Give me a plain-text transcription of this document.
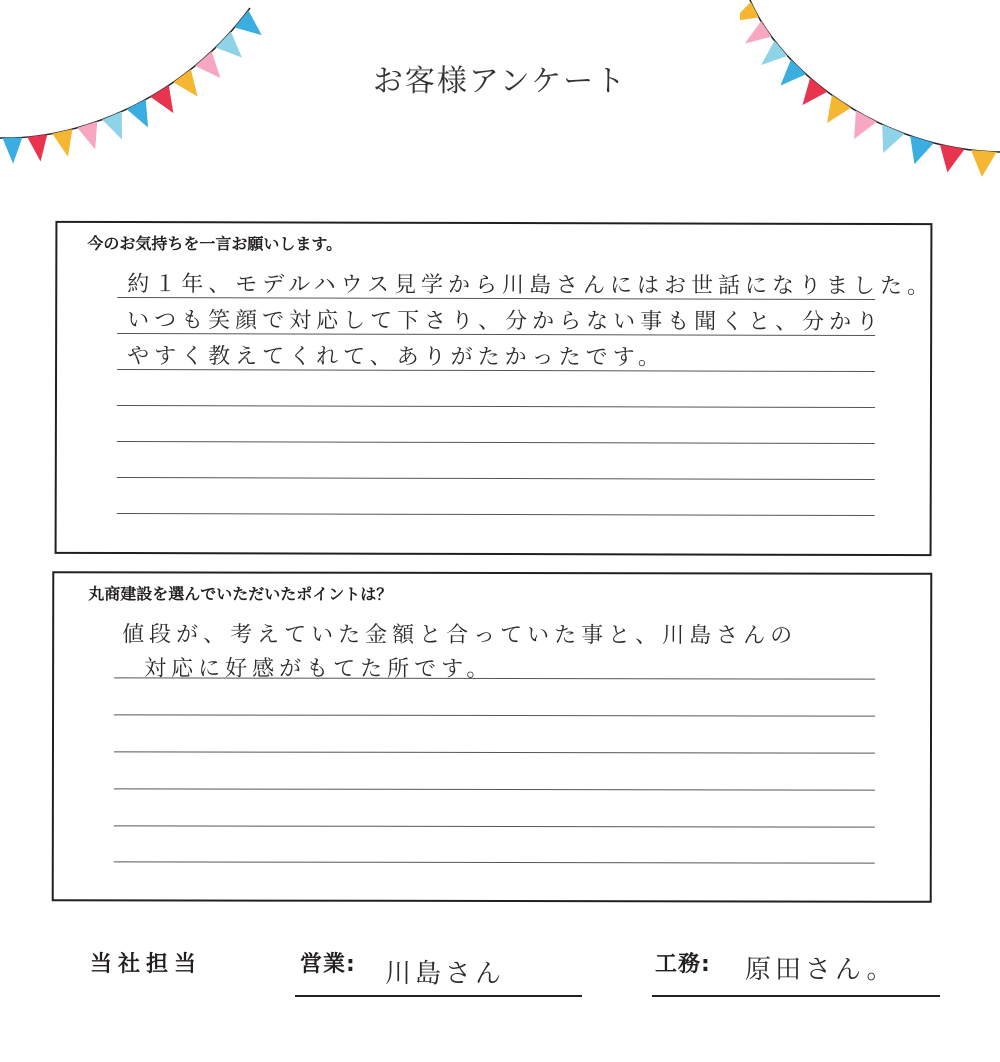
お客様アンケート
今のお気持ちを一言お願いします。
約１年、モデルハウス見学から川島さんにはお世話になりました。
いつも笑顔で対応して下さり、分からない事も聞くと、分かり
やすく教えてくれて、ありがたかったです。
丸商建設を選んでいただいたポイントは？
値段が、考えていた金額と合っていた事と、川島さんの
対応に好感がもてた所です。
当社担当	営業: 川島さん	工務: 原田さん。
